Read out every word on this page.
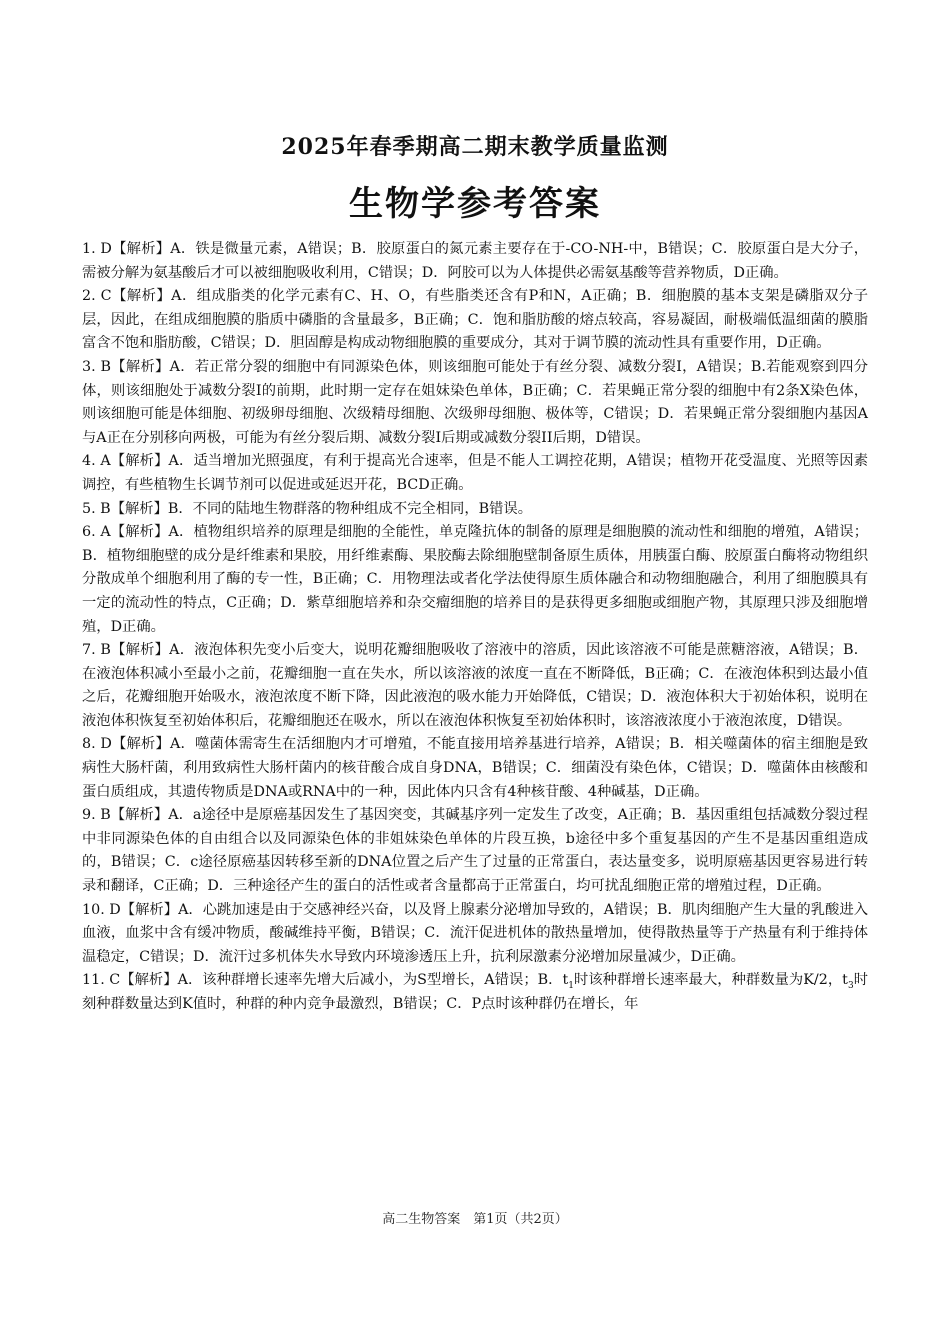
2025年春季期高二期末教学质量监测
生物学参考答案

1. D【解析】A．铁是微量元素，A错误；B．胶原蛋白的氮元素主要存在于-CO-NH-中，B错误；C．胶原蛋白是大分子，需被分解为氨基酸后才可以被细胞吸收利用，C错误；D．阿胶可以为人体提供必需氨基酸等营养物质，D正确。

2. C【解析】A．组成脂类的化学元素有C、H、O，有些脂类还含有P和N，A正确；B．细胞膜的基本支架是磷脂双分子层，因此，在组成细胞膜的脂质中磷脂的含量最多，B正确；C．饱和脂肪酸的熔点较高，容易凝固，耐极端低温细菌的膜脂富含不饱和脂肪酸，C错误；D．胆固醇是构成动物细胞膜的重要成分，其对于调节膜的流动性具有重要作用，D正确。

3. B【解析】A．若正常分裂的细胞中有同源染色体，则该细胞可能处于有丝分裂、减数分裂I，A错误；B.若能观察到四分体，则该细胞处于减数分裂I的前期，此时期一定存在姐妹染色单体，B正确；C．若果蝇正常分裂的细胞中有2条X染色体，则该细胞可能是体细胞、初级卵母细胞、次级精母细胞、次级卵母细胞、极体等，C错误；D．若果蝇正常分裂细胞内基因A与A正在分别移向两极，可能为有丝分裂后期、减数分裂I后期或减数分裂II后期，D错误。

4. A【解析】A．适当增加光照强度，有利于提高光合速率，但是不能人工调控花期，A错误；植物开花受温度、光照等因素调控，有些植物生长调节剂可以促进或延迟开花，BCD正确。

5. B【解析】B．不同的陆地生物群落的物种组成不完全相同，B错误。

6. A【解析】A．植物组织培养的原理是细胞的全能性，单克隆抗体的制备的原理是细胞膜的流动性和细胞的增殖，A错误；B．植物细胞壁的成分是纤维素和果胶，用纤维素酶、果胶酶去除细胞壁制备原生质体，用胰蛋白酶、胶原蛋白酶将动物组织分散成单个细胞利用了酶的专一性，B正确；C．用物理法或者化学法使得原生质体融合和动物细胞融合，利用了细胞膜具有一定的流动性的特点，C正确；D．紫草细胞培养和杂交瘤细胞的培养目的是获得更多细胞或细胞产物，其原理只涉及细胞增殖，D正确。

7. B【解析】A．液泡体积先变小后变大，说明花瓣细胞吸收了溶液中的溶质，因此该溶液不可能是蔗糖溶液，A错误；B．在液泡体积减小至最小之前，花瓣细胞一直在失水，所以该溶液的浓度一直在不断降低，B正确；C．在液泡体积到达最小值之后，花瓣细胞开始吸水，液泡浓度不断下降，因此液泡的吸水能力开始降低，C错误；D．液泡体积大于初始体积，说明在液泡体积恢复至初始体积后，花瓣细胞还在吸水，所以在液泡体积恢复至初始体积时，该溶液浓度小于液泡浓度，D错误。

8. D【解析】A．噬菌体需寄生在活细胞内才可增殖，不能直接用培养基进行培养，A错误；B．相关噬菌体的宿主细胞是致病性大肠杆菌，利用致病性大肠杆菌内的核苷酸合成自身DNA，B错误；C．细菌没有染色体，C错误；D．噬菌体由核酸和蛋白质组成，其遗传物质是DNA或RNA中的一种，因此体内只含有4种核苷酸、4种碱基，D正确。

9. B【解析】A．a途径中是原癌基因发生了基因突变，其碱基序列一定发生了改变，A正确；B．基因重组包括减数分裂过程中非同源染色体的自由组合以及同源染色体的非姐妹染色单体的片段互换，b途径中多个重复基因的产生不是基因重组造成的，B错误；C．c途径原癌基因转移至新的DNA位置之后产生了过量的正常蛋白，表达量变多，说明原癌基因更容易进行转录和翻译，C正确；D．三种途径产生的蛋白的活性或者含量都高于正常蛋白，均可扰乱细胞正常的增殖过程，D正确。

10. D【解析】A．心跳加速是由于交感神经兴奋，以及肾上腺素分泌增加导致的，A错误；B．肌肉细胞产生大量的乳酸进入血液，血浆中含有缓冲物质，酸碱维持平衡，B错误；C．流汗促进机体的散热量增加，使得散热量等于产热量有利于维持体温稳定，C错误；D．流汗过多机体失水导致内环境渗透压上升，抗利尿激素分泌增加尿量减少，D正确。

11. C【解析】A．该种群增长速率先增大后减小，为S型增长，A错误；B．$t_1$时该种群增长速率最大，种群数量为K/2，$t_3$时刻种群数量达到K值时，种群的种内竞争最激烈，B错误；C．P点时该种群仍在增长，年

高二生物答案　第1页（共2页）
